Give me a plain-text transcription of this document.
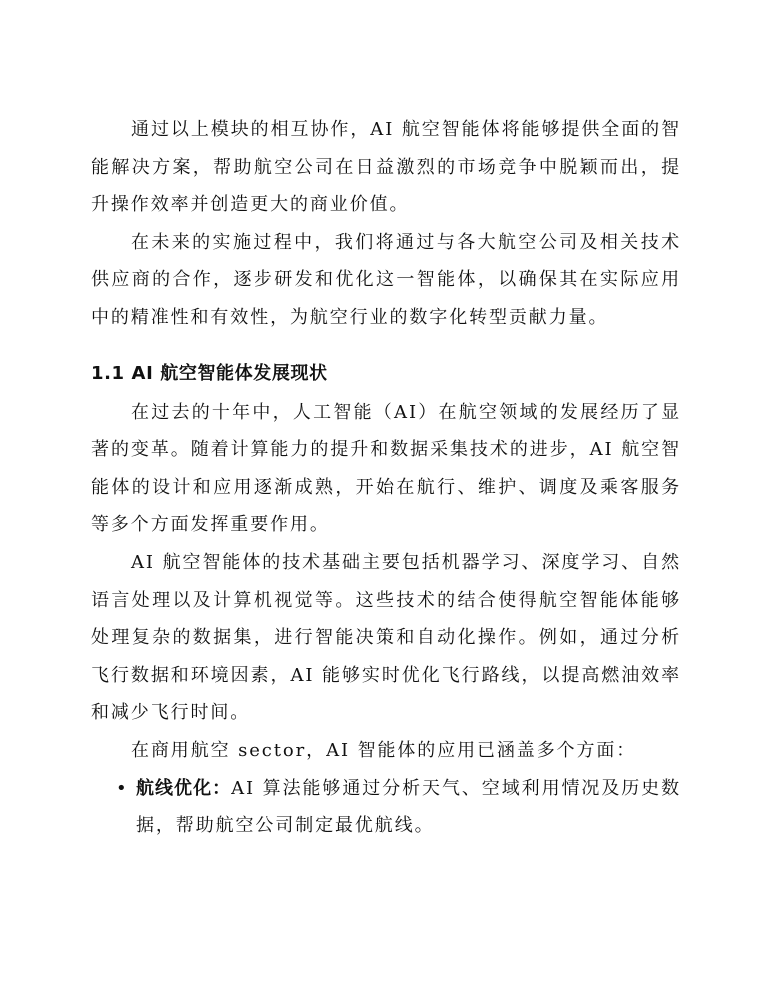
通过以上模块的相互协作，AI 航空智能体将能够提供全面的智能解决方案，帮助航空公司在日益激烈的市场竞争中脱颖而出，提升操作效率并创造更大的商业价值。

在未来的实施过程中，我们将通过与各大航空公司及相关技术供应商的合作，逐步研发和优化这一智能体，以确保其在实际应用中的精准性和有效性，为航空行业的数字化转型贡献力量。

1.1 AI 航空智能体发展现状

在过去的十年中，人工智能（AI）在航空领域的发展经历了显著的变革。随着计算能力的提升和数据采集技术的进步，AI 航空智能体的设计和应用逐渐成熟，开始在航行、维护、调度及乘客服务等多个方面发挥重要作用。

AI 航空智能体的技术基础主要包括机器学习、深度学习、自然语言处理以及计算机视觉等。这些技术的结合使得航空智能体能够处理复杂的数据集，进行智能决策和自动化操作。例如，通过分析飞行数据和环境因素，AI 能够实时优化飞行路线，以提高燃油效率和减少飞行时间。

在商用航空 sector，AI 智能体的应用已涵盖多个方面：

• 航线优化：AI 算法能够通过分析天气、空域利用情况及历史数据，帮助航空公司制定最优航线。
